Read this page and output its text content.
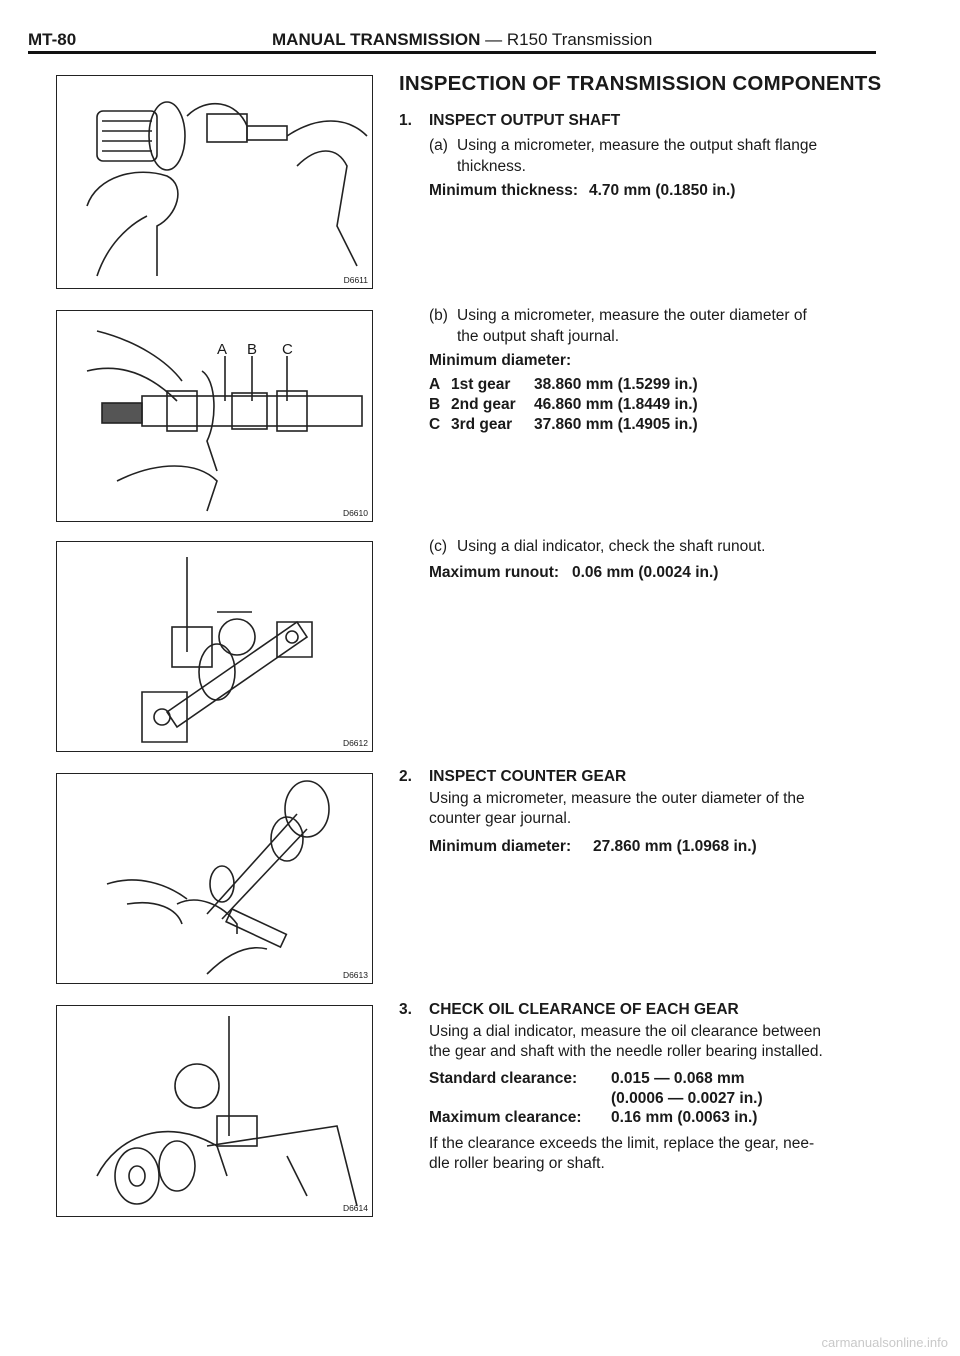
MT-80	MANUAL TRANSMISSION — R150 Transmission
D6611
A B C
D6610
D6612
D6613
D6614
INSPECTION OF TRANSMISSION COMPONENTS
1. INSPECT OUTPUT SHAFT
(a) Using a micrometer, measure the output shaft flange
thickness.
Minimum thickness: 4.70 mm (0.1850 in.)
(b) Using a micrometer, measure the outer diameter of
the output shaft journal.
Minimum diameter:
A 1st gear 38.860 mm (1.5299 in.)
B 2nd gear 46.860 mm (1.8449 in.)
C 3rd gear 37.860 mm (1.4905 in.)
(c) Using a dial indicator, check the shaft runout.
Maximum runout: 0.06 mm (0.0024 in.)
2. INSPECT COUNTER GEAR
Using a micrometer, measure the outer diameter of the
counter gear journal.
Minimum diameter: 27.860 mm (1.0968 in.)
3. CHECK OIL CLEARANCE OF EACH GEAR
Using a dial indicator, measure the oil clearance between
the gear and shaft with the needle roller bearing installed.
Standard clearance: 0.015 — 0.068 mm
(0.0006 — 0.0027 in.)
Maximum clearance: 0.16 mm (0.0063 in.)
If the clearance exceeds the limit, replace the gear, nee-
dle roller bearing or shaft.
carmanualsonline.info
